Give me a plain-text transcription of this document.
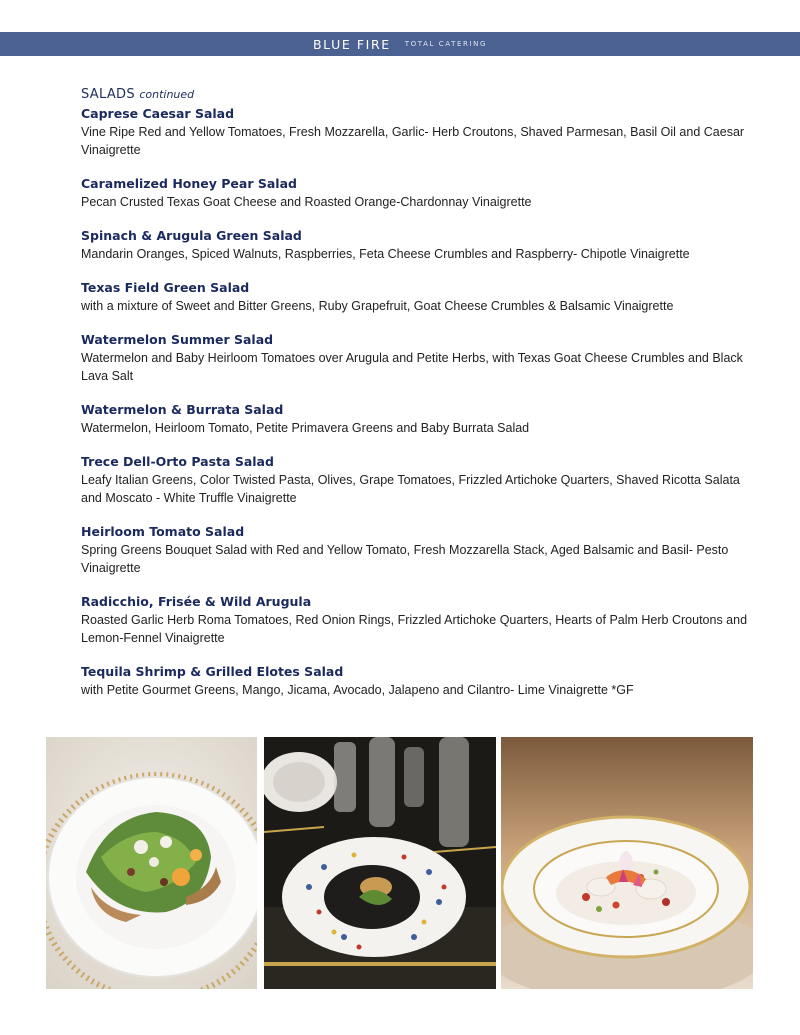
BLUE FIRE TOTAL CATERING
SALADS continued
Caprese Caesar Salad
Vine Ripe Red and Yellow Tomatoes, Fresh Mozzarella, Garlic- Herb Croutons, Shaved Parmesan, Basil Oil and Caesar Vinaigrette
Caramelized Honey Pear Salad
Pecan Crusted Texas Goat Cheese and Roasted Orange-Chardonnay Vinaigrette
Spinach & Arugula Green Salad
Mandarin Oranges, Spiced Walnuts, Raspberries, Feta Cheese Crumbles and Raspberry- Chipotle Vinaigrette
Texas Field Green Salad
with a mixture of Sweet and Bitter Greens, Ruby Grapefruit, Goat Cheese Crumbles & Balsamic Vinaigrette
Watermelon Summer Salad
Watermelon and Baby Heirloom Tomatoes over Arugula and Petite Herbs, with Texas Goat Cheese Crumbles and Black Lava Salt
Watermelon & Burrata Salad
Watermelon, Heirloom Tomato, Petite Primavera Greens and Baby Burrata Salad
Trece Dell-Orto Pasta Salad
Leafy Italian Greens, Color Twisted Pasta, Olives, Grape Tomatoes, Frizzled Artichoke Quarters, Shaved Ricotta Salata and Moscato - White Truffle Vinaigrette
Heirloom Tomato Salad
Spring Greens Bouquet Salad with Red and Yellow Tomato, Fresh Mozzarella Stack, Aged Balsamic and Basil- Pesto Vinaigrette
Radicchio, Frisée & Wild Arugula
Roasted Garlic Herb Roma Tomatoes, Red Onion Rings, Frizzled Artichoke Quarters, Hearts of Palm Herb Croutons and Lemon-Fennel Vinaigrette
Tequila Shrimp & Grilled Elotes Salad
with Petite Gourmet Greens, Mango, Jicama, Avocado, Jalapeno and Cilantro- Lime Vinaigrette *GF
